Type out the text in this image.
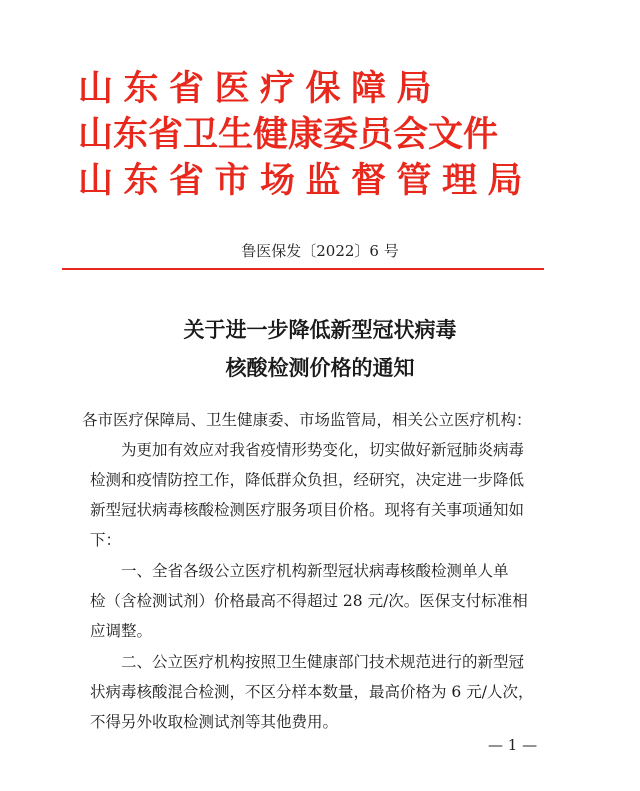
山东省医疗保障局
山东省卫生健康委员会文件
山东省市场监督管理局
鲁医保发〔2022〕6 号
关于进一步降低新型冠状病毒
核酸检测价格的通知
各市医疗保障局、卫生健康委、市场监管局，相关公立医疗机构：
　　为更加有效应对我省疫情形势变化，切实做好新冠肺炎病毒
检测和疫情防控工作，降低群众负担，经研究，决定进一步降低
新型冠状病毒核酸检测医疗服务项目价格。现将有关事项通知如
下：
　　一、全省各级公立医疗机构新型冠状病毒核酸检测单人单
检（含检测试剂）价格最高不得超过 28 元/次。医保支付标准相
应调整。
　　二、公立医疗机构按照卫生健康部门技术规范进行的新型冠
状病毒核酸混合检测，不区分样本数量，最高价格为 6 元/人次，
不得另外收取检测试剂等其他费用。
— 1 —
